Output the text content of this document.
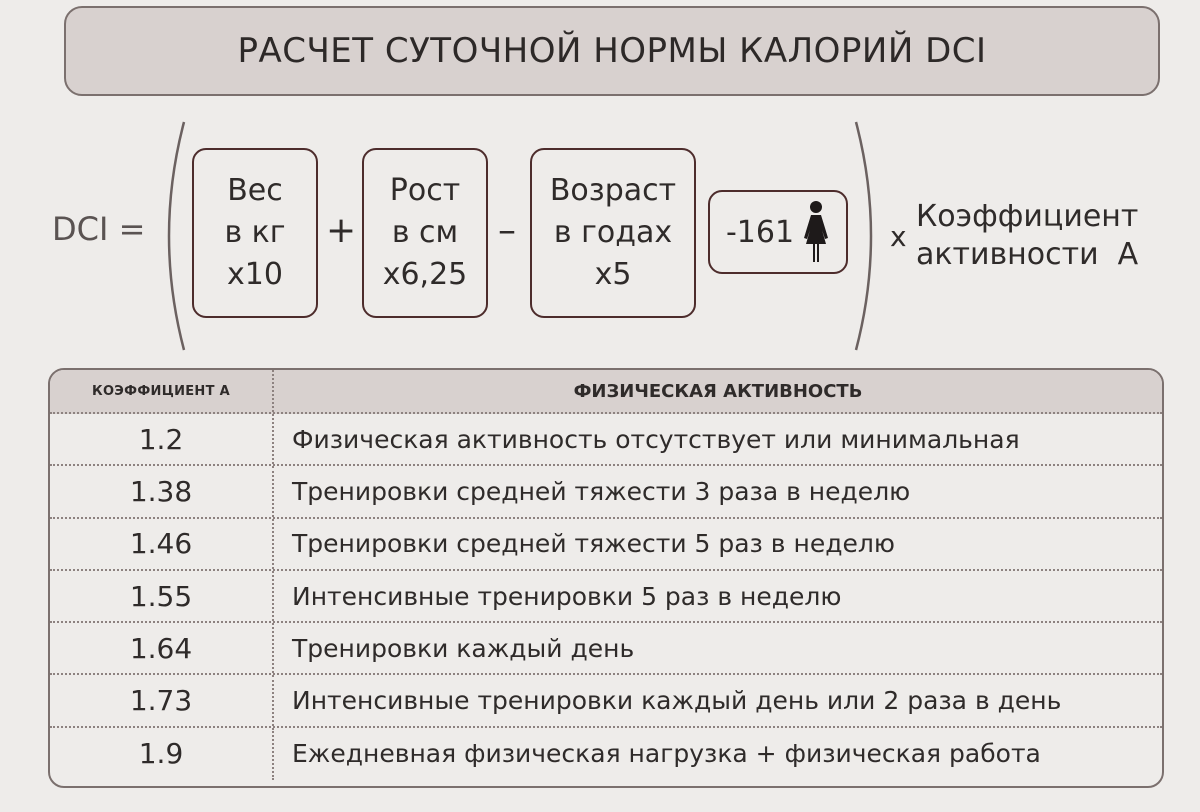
РАСЧЕТ СУТОЧНОЙ НОРМЫ КАЛОРИЙ DCI
DCI =
Вес
в кг
x10
+
Рост
в см
x6,25
–
Возраст
в годах
x5
-161	x
Коэффициент
активности  А
КОЭФФИЦИЕНТ А	ФИЗИЧЕСКАЯ АКТИВНОСТЬ
1.2	Физическая активность отсутствует или минимальная
1.38	Тренировки средней тяжести 3 раза в неделю
1.46	Тренировки средней тяжести 5 раз в неделю
1.55	Интенсивные тренировки 5 раз в неделю
1.64	Тренировки каждый день
1.73	Интенсивные тренировки каждый день или 2 раза в день
1.9	Ежедневная физическая нагрузка + физическая работа
